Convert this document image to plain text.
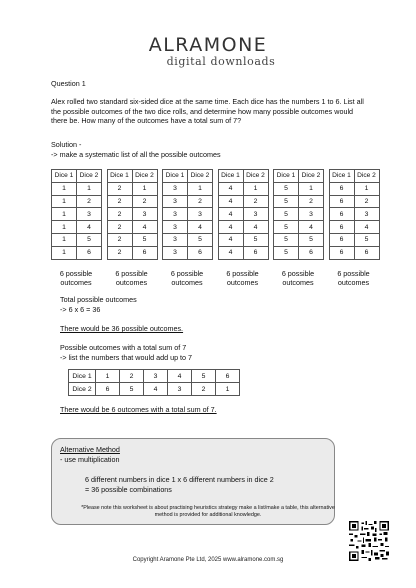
ALRAMONE
digital downloads
Question 1
Alex rolled two standard six-sided dice at the same time. Each dice has the numbers 1 to 6. List all the possible outcomes of the two dice rolls, and determine how many possible outcomes would there be. How many of the outcomes have a total sum of 7?
Solution -
-> make a systematic list of all the possible outcomes
Dice 1	Dice 2
1	1
1	2
1	3
1	4
1	5
1	6
6 possible outcomes
Dice 1	Dice 2
2	1
2	2
2	3
2	4
2	5
2	6
6 possible outcomes
Dice 1	Dice 2
3	1
3	2
3	3
3	4
3	5
3	6
6 possible outcomes
Dice 1	Dice 2
4	1
4	2
4	3
4	4
4	5
4	6
6 possible outcomes
Dice 1	Dice 2
5	1
5	2
5	3
5	4
5	5
5	6
6 possible outcomes
Dice 1	Dice 2
6	1
6	2
6	3
6	4
6	5
6	6
6 possible outcomes
Total possible outcomes
-> 6 x 6 = 36
There would be 36 possible outcomes.
Possible outcomes with a total sum of 7
-> list the numbers that would add up to 7
Dice 1	1	2	3	4	5	6
Dice 2	6	5	4	3	2	1
There would be 6 outcomes with a total sum of 7.
Alternative Method
- use multiplication
6 different numbers in dice 1 x 6 different numbers in dice 2
= 36 possible combinations
*Please note this worksheet is about practising heuristics strategy make a list/make a table, this alternative method is provided for additional knowledge.
Copyright Aramone Pte Ltd, 2025 www.alramone.com.sg
